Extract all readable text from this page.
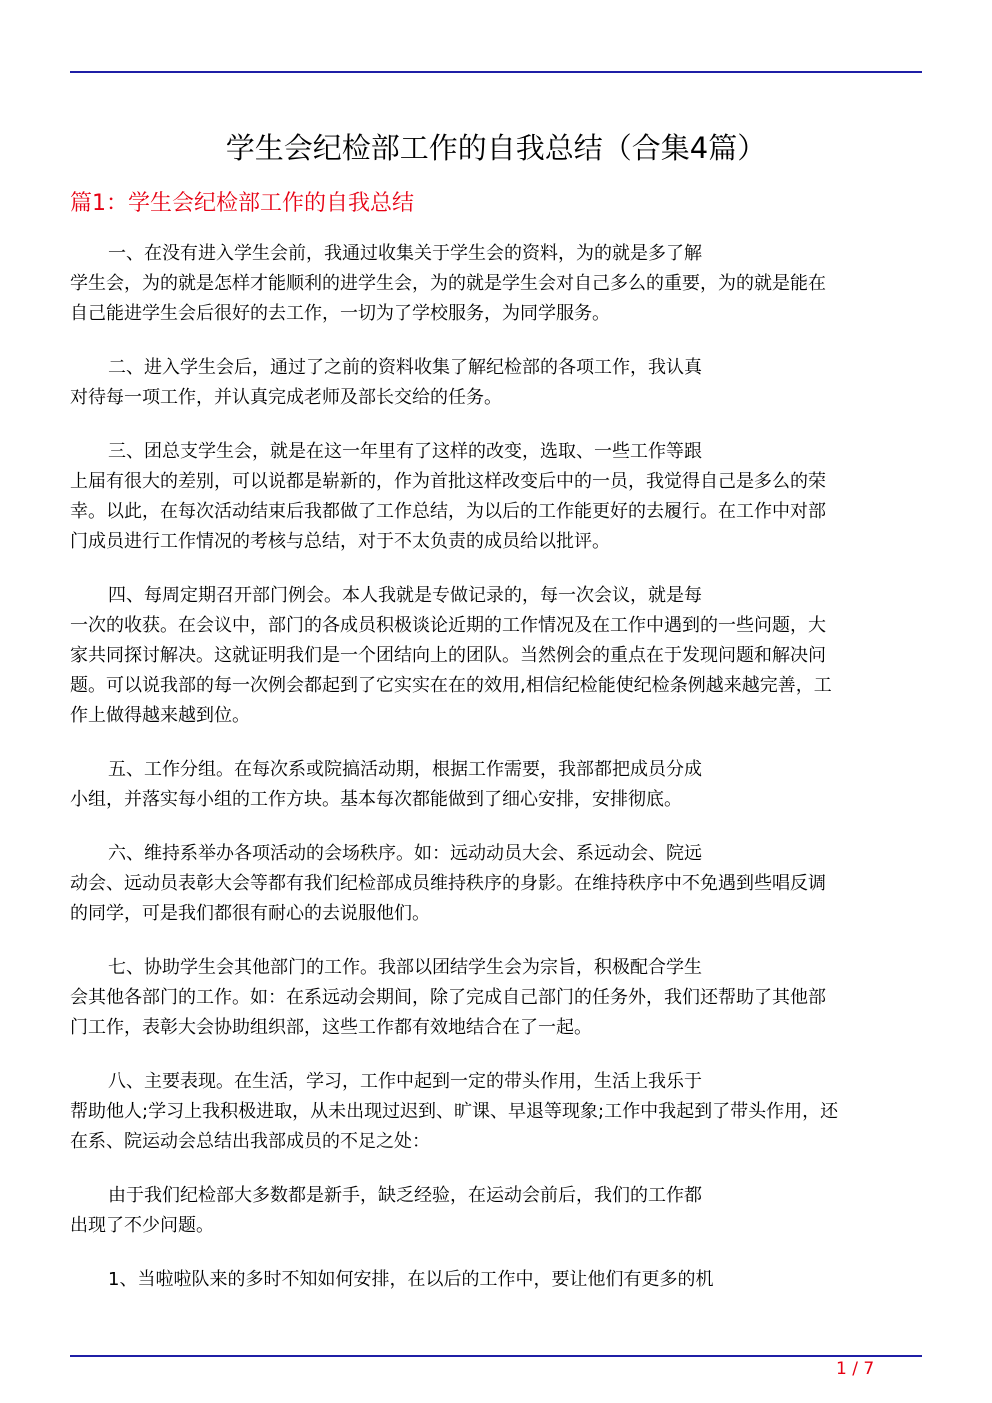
学生会纪检部工作的自我总结（合集4篇）
篇1：学生会纪检部工作的自我总结

一、在没有进入学生会前，我通过收集关于学生会的资料，为的就是多了解
学生会，为的就是怎样才能顺利的进学生会，为的就是学生会对自己多么的重要，为的就是能在
自己能进学生会后很好的去工作，一切为了学校服务，为同学服务。

二、进入学生会后，通过了之前的资料收集了解纪检部的各项工作，我认真
对待每一项工作，并认真完成老师及部长交给的任务。

三、团总支学生会，就是在这一年里有了这样的改变，选取、一些工作等跟
上届有很大的差别，可以说都是崭新的，作为首批这样改变后中的一员，我觉得自己是多么的荣
幸。以此，在每次活动结束后我都做了工作总结，为以后的工作能更好的去履行。在工作中对部
门成员进行工作情况的考核与总结，对于不太负责的成员给以批评。

四、每周定期召开部门例会。本人我就是专做记录的，每一次会议，就是每
一次的收获。在会议中，部门的各成员积极谈论近期的工作情况及在工作中遇到的一些问题，大
家共同探讨解决。这就证明我们是一个团结向上的团队。当然例会的重点在于发现问题和解决问
题。可以说我部的每一次例会都起到了它实实在在的效用,相信纪检能使纪检条例越来越完善，工
作上做得越来越到位。

五、工作分组。在每次系或院搞活动期，根据工作需要，我部都把成员分成
小组，并落实每小组的工作方块。基本每次都能做到了细心安排，安排彻底。

六、维持系举办各项活动的会场秩序。如：远动动员大会、系远动会、院远
动会、远动员表彰大会等都有我们纪检部成员维持秩序的身影。在维持秩序中不免遇到些唱反调
的同学，可是我们都很有耐心的去说服他们。

七、协助学生会其他部门的工作。我部以团结学生会为宗旨，积极配合学生
会其他各部门的工作。如：在系远动会期间，除了完成自己部门的任务外，我们还帮助了其他部
门工作，表彰大会协助组织部，这些工作都有效地结合在了一起。

八、主要表现。在生活，学习，工作中起到一定的带头作用，生活上我乐于
帮助他人;学习上我积极进取，从未出现过迟到、旷课、早退等现象;工作中我起到了带头作用，还
在系、院运动会总结出我部成员的不足之处：

由于我们纪检部大多数都是新手，缺乏经验，在运动会前后，我们的工作都
出现了不少问题。

1、当啦啦队来的多时不知如何安排，在以后的工作中，要让他们有更多的机

1 / 7
